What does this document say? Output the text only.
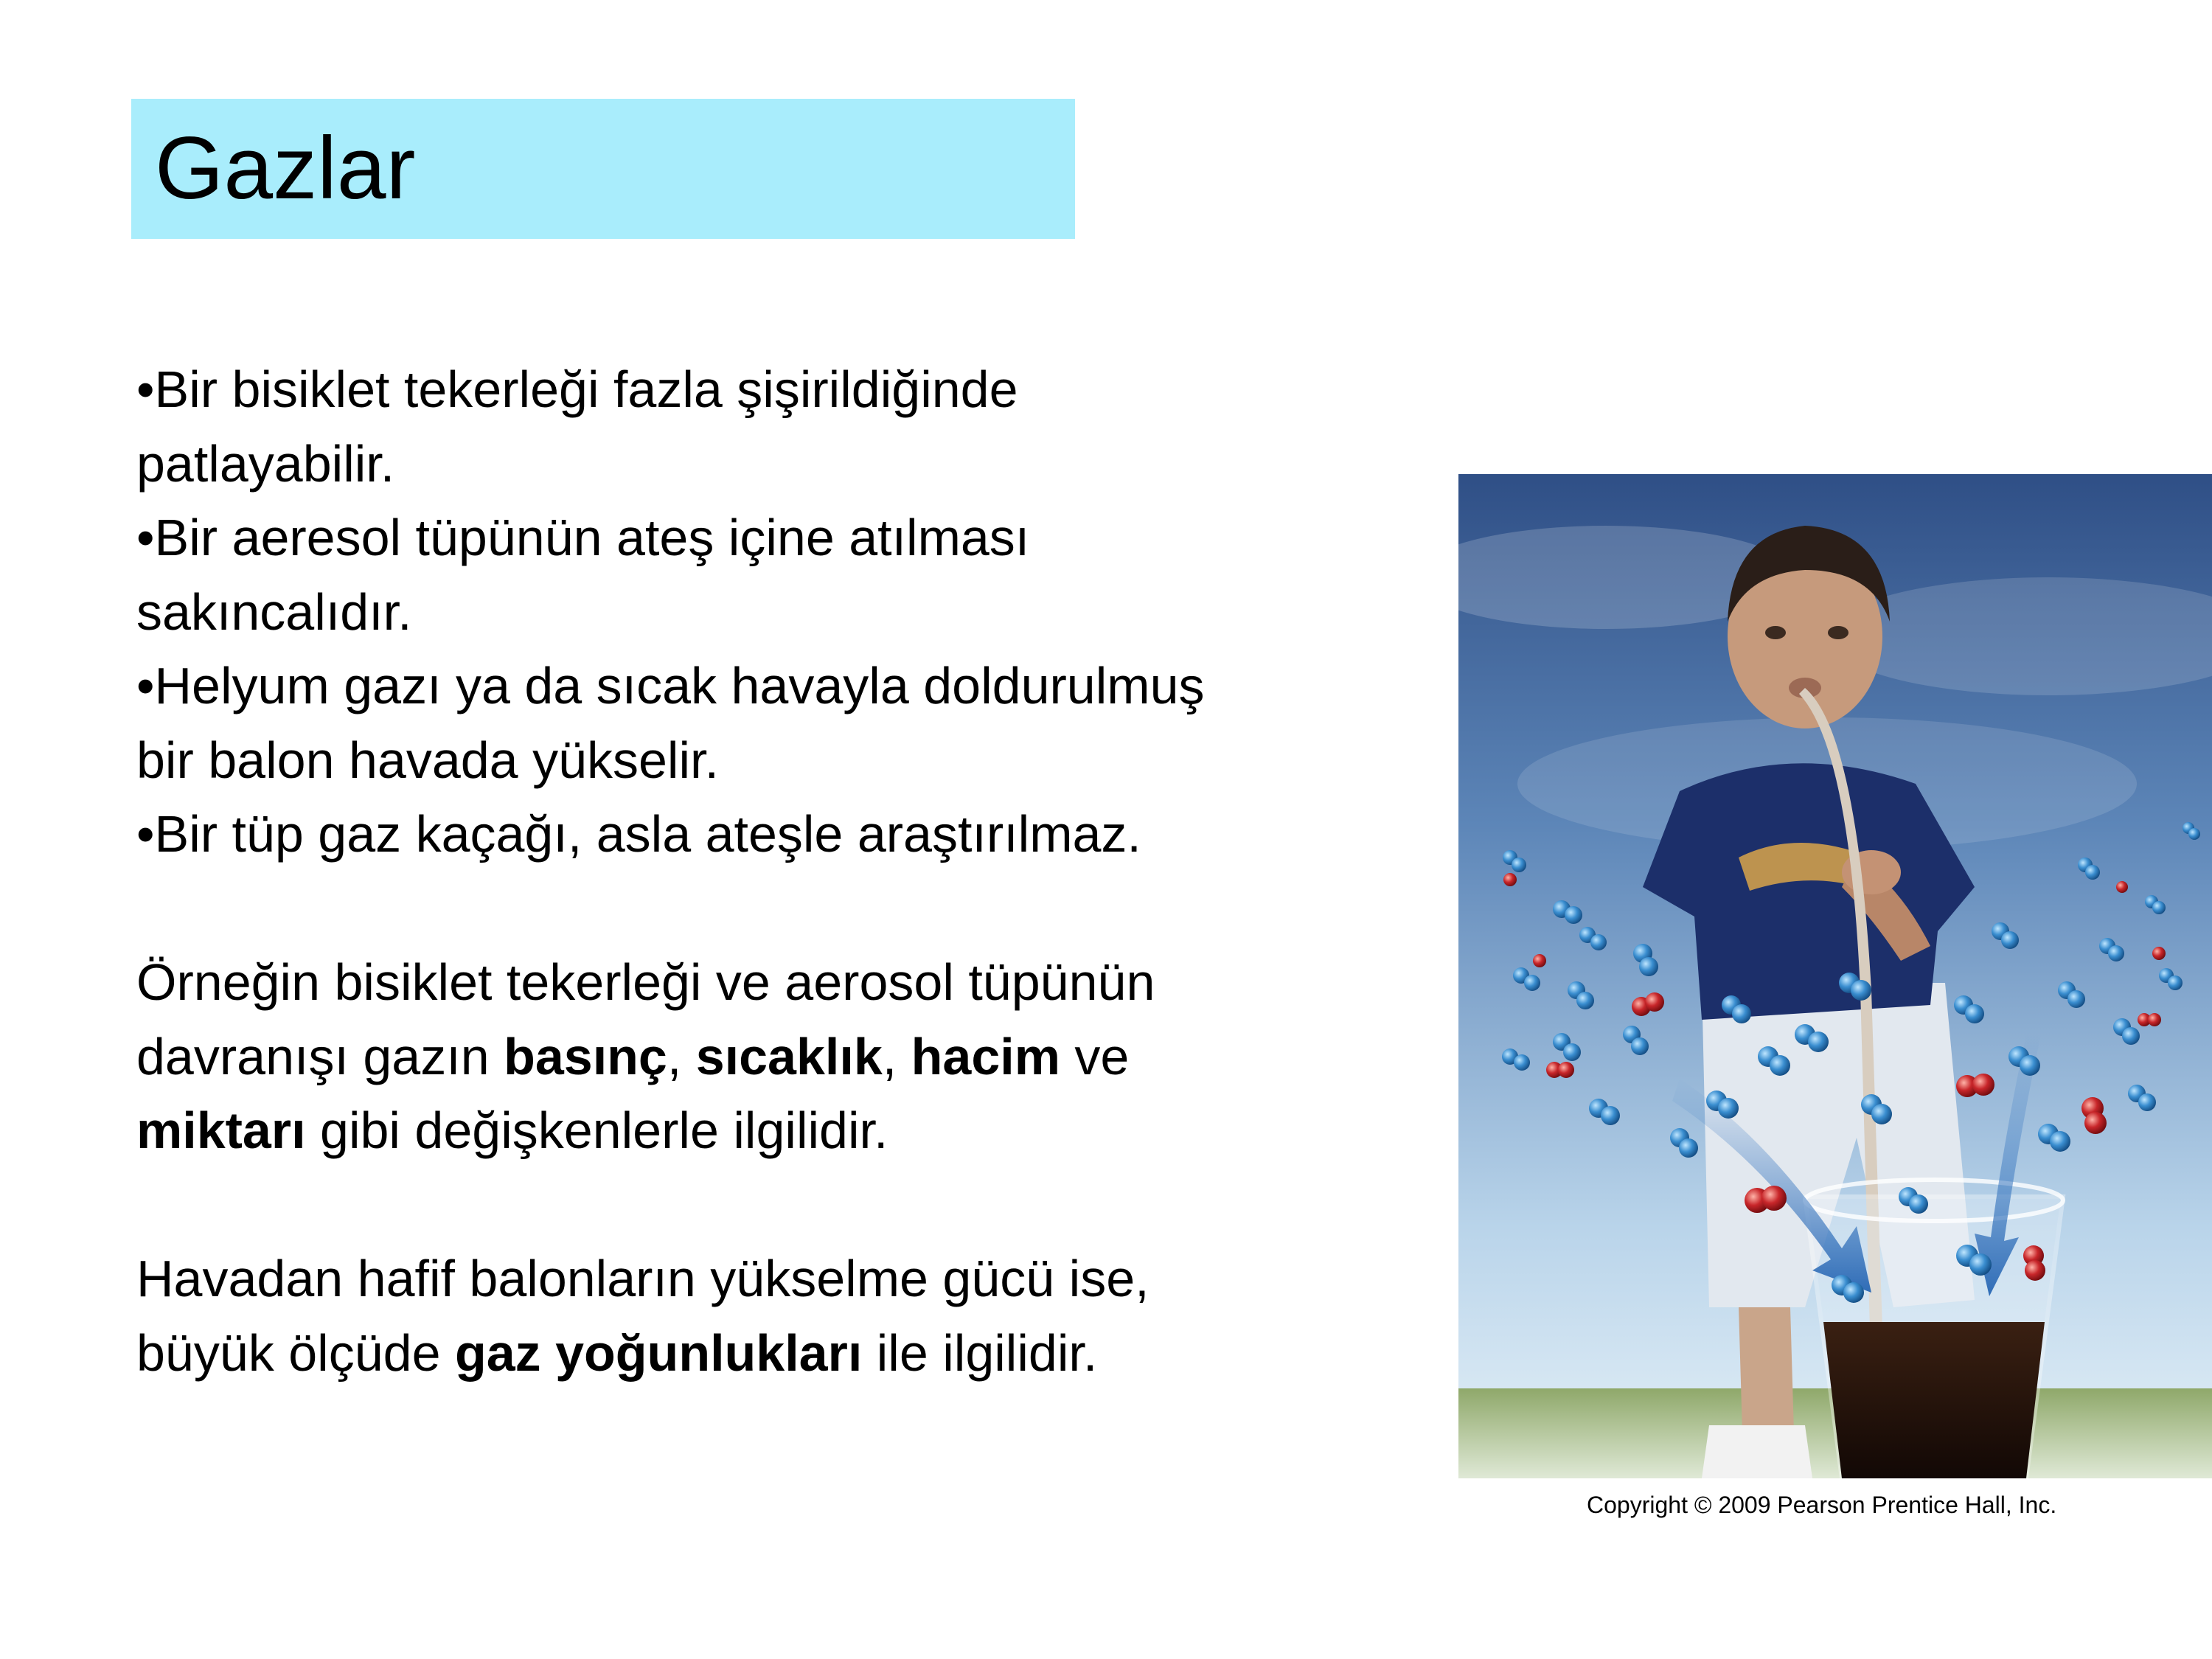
Gazlar
•Bir bisiklet tekerleği fazla şişirildiğinde
patlayabilir.
•Bir aeresol tüpünün ateş içine atılması
sakıncalıdır.
•Helyum gazı ya da sıcak havayla doldurulmuş
bir balon havada yükselir.
•Bir tüp gaz kaçağı, asla ateşle araştırılmaz.
Örneğin bisiklet tekerleği ve aerosol tüpünün
davranışı gazın basınç, sıcaklık, hacim ve
miktarı gibi değişkenlerle ilgilidir.
Havadan hafif balonların yükselme gücü ise,
büyük ölçüde gaz yoğunlukları ile ilgilidir.
Copyright © 2009 Pearson Prentice Hall, Inc.
